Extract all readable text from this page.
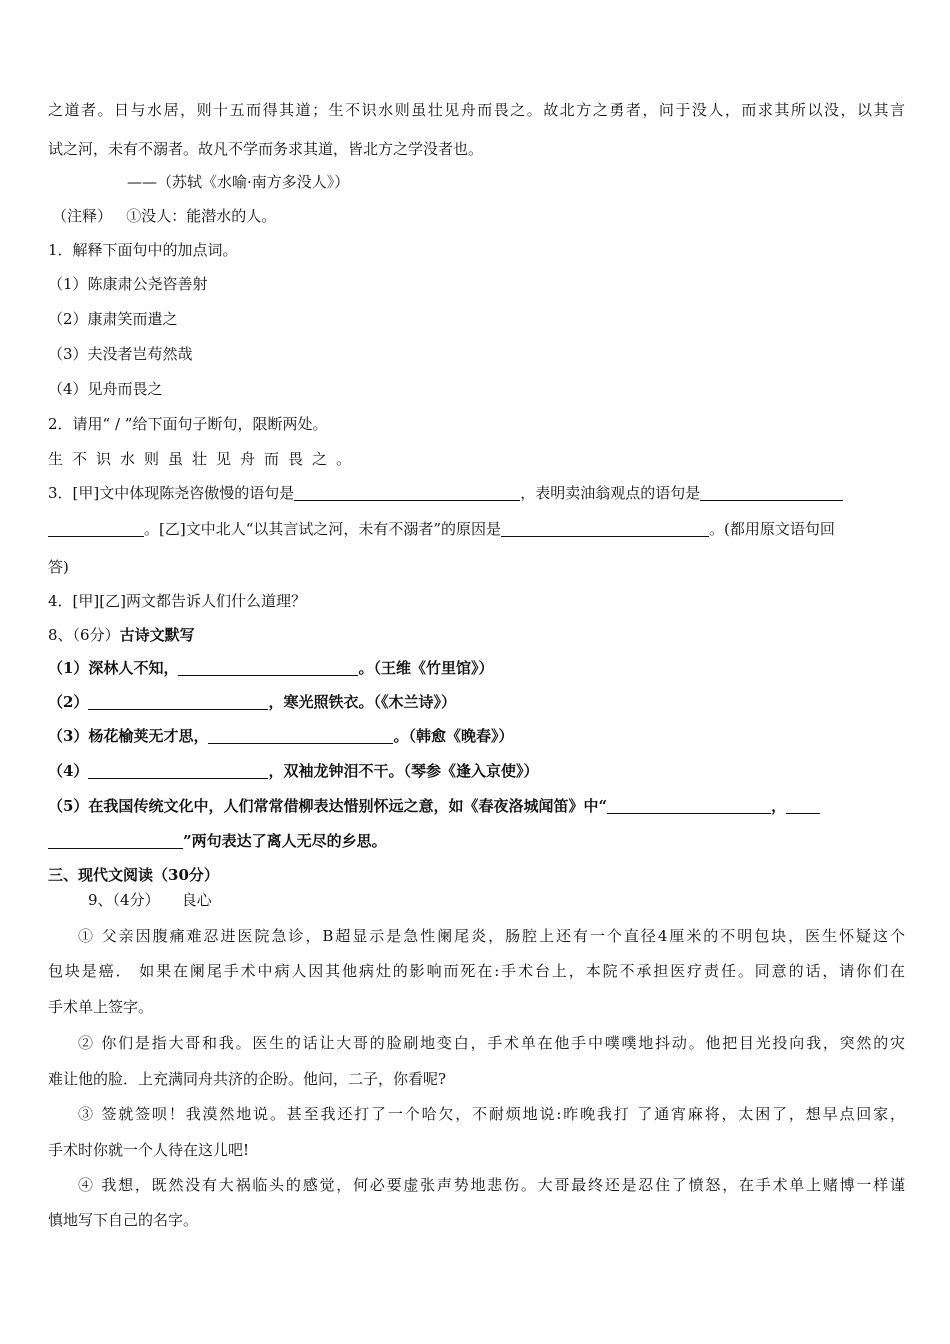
之道者。日与水居，则十五而得其道；生不识水则虽壮见舟而畏之。故北方之勇者，问于没人，而求其所以没，以其言
试之河，未有不溺者。故凡不学而务求其道，皆北方之学没者也。
——（苏轼《水喻·南方多没人》）
（注释）   ①没人：能潜水的人。
1．解释下面句中的加点词。
（1）陈康肃公尧咨善射
（2）康肃笑而遣之
（3）夫没者岂苟然哉
（4）见舟而畏之
2．请用“ / ”给下面句子断句，限断两处。
生不识水则虽壮见舟而畏之。
3．[甲]文中体现陈尧咨傲慢的语句是	，表明卖油翁观点的语句是
。[乙]文中北人“以其言试之河，未有不溺者”的原因是	。(都用原文语句回
答)
4．[甲][乙]两文都告诉人们什么道理？
8、（6分）古诗文默写
（1）深林人不知，	。（王维《竹里馆》）
（2）	，寒光照铁衣。（《木兰诗》）
（3）杨花榆荚无才思，	。（韩愈《晚春》）
（4）	，双袖龙钟泪不干。（琴参《逢入京使》）
（5）在我国传统文化中，人们常常借柳表达惜别怀远之意，如《春夜洛城闻笛》中“	，
”两句表达了离人无尽的乡思。
三、现代文阅读（30分）
9、（4分） 良心
① 父亲因腹痛难忍进医院急诊，B超显示是急性阑尾炎，肠腔上还有一个直径4厘米的不明包块，医生怀疑这个
包块是癌． 如果在阑尾手术中病人因其他病灶的影响而死在:手术台上，本院不承担医疗责任。同意的话，请你们在
手术单上签字。
② 你们是指大哥和我。医生的话让大哥的脸刷地变白，手术单在他手中噗噗地抖动。他把目光投向我，突然的灾
难让他的脸．上充满同舟共济的企盼。他问，二子，你看呢?
③ 签就签呗！我漠然地说。甚至我还打了一个哈欠，不耐烦地说:昨晚我打 了通宵麻将，太困了，想早点回家，
手术时你就一个人待在这儿吧!
④ 我想，既然没有大祸临头的感觉，何必要虚张声势地悲伤。大哥最终还是忍住了愤怒，在手术单上赌博一样谨
慎地写下自己的名字。
